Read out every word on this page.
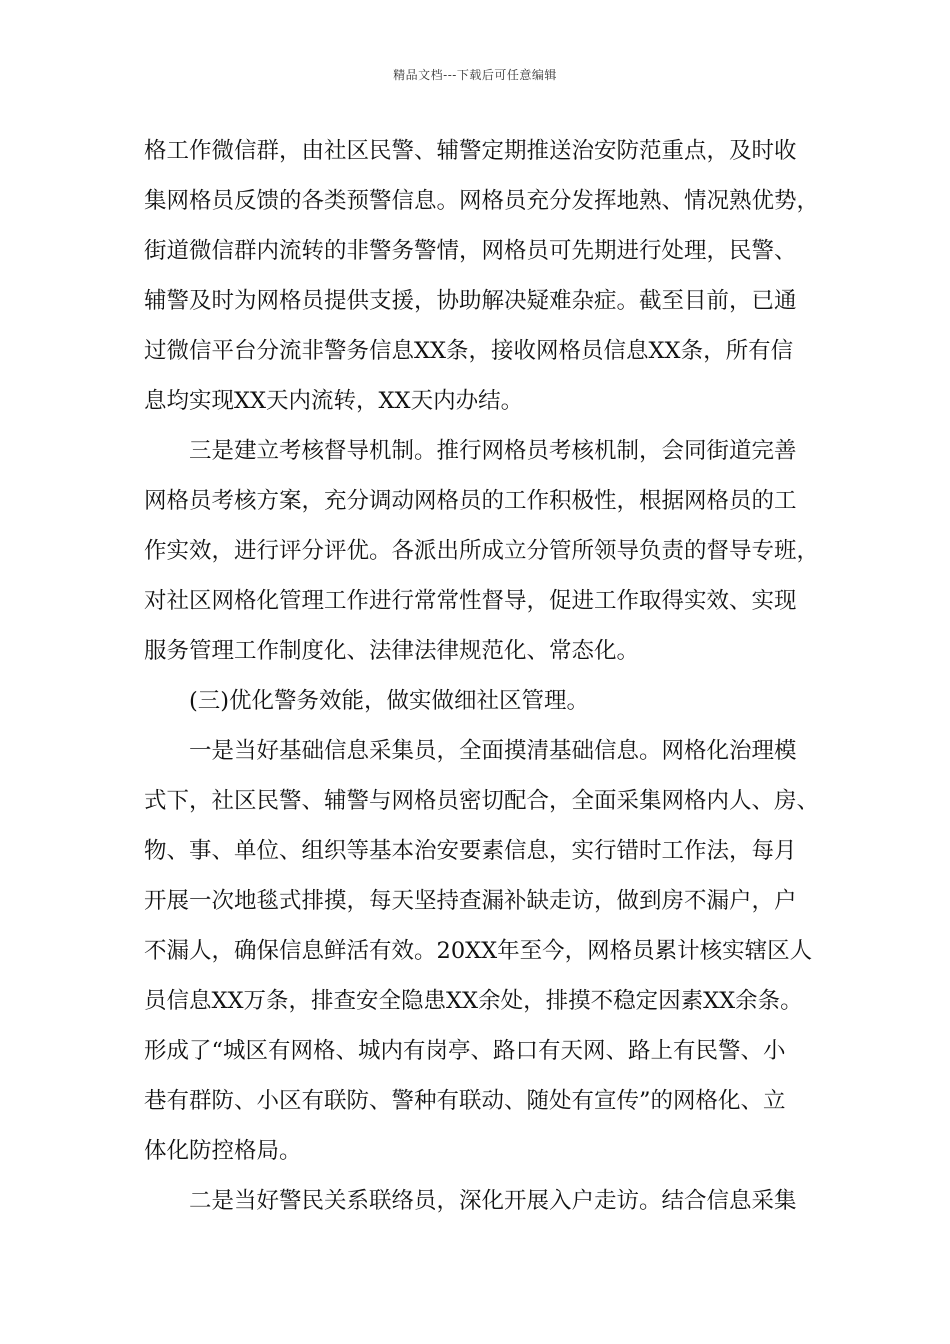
精品文档---下载后可任意编辑
格工作微信群，由社区民警、辅警定期推送治安防范重点，及时收
集网格员反馈的各类预警信息。网格员充分发挥地熟、情况熟优势，
街道微信群内流转的非警务警情，网格员可先期进行处理，民警、
辅警及时为网格员提供支援，协助解决疑难杂症。截至目前，已通
过微信平台分流非警务信息XX条，接收网格员信息XX条，所有信
息均实现XX天内流转，XX天内办结。
三是建立考核督导机制。推行网格员考核机制，会同街道完善
网格员考核方案，充分调动网格员的工作积极性，根据网格员的工
作实效，进行评分评优。各派出所成立分管所领导负责的督导专班，
对社区网格化管理工作进行常常性督导，促进工作取得实效、实现
服务管理工作制度化、法律法律规范化、常态化。
(三)优化警务效能，做实做细社区管理。
一是当好基础信息采集员，全面摸清基础信息。网格化治理模
式下，社区民警、辅警与网格员密切配合，全面采集网格内人、房、
物、事、单位、组织等基本治安要素信息，实行错时工作法，每月
开展一次地毯式排摸，每天坚持查漏补缺走访，做到房不漏户，户
不漏人，确保信息鲜活有效。20XX年至今，网格员累计核实辖区人
员信息XX万条，排查安全隐患XX余处，排摸不稳定因素XX余条。
形成了“城区有网格、城内有岗亭、路口有天网、路上有民警、小
巷有群防、小区有联防、警种有联动、随处有宣传”的网格化、立
体化防控格局。
二是当好警民关系联络员，深化开展入户走访。结合信息采集
